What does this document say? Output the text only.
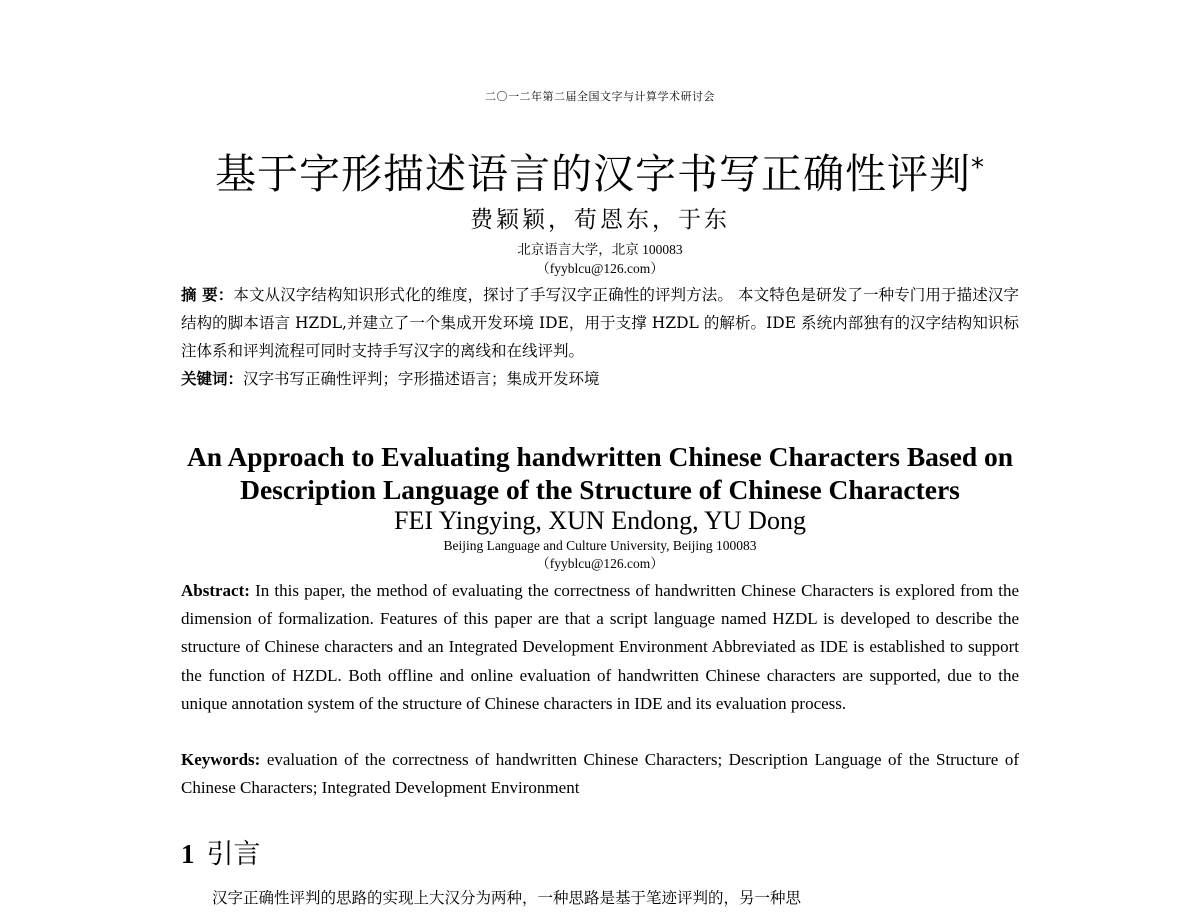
二〇一二年第二届全国文字与计算学术研讨会
基于字形描述语言的汉字书写正确性评判*
费颖颖，荀恩东，于东
北京语言大学，北京 100083
（fyyblcu@126.com）
摘 要：本文从汉字结构知识形式化的维度，探讨了手写汉字正确性的评判方法。 本文特色是研发了一种专门用于描述汉字结构的脚本语言 HZDL,并建立了一个集成开发环境 IDE，用于支撑 HZDL 的解析。IDE 系统内部独有的汉字结构知识标注体系和评判流程可同时支持手写汉字的离线和在线评判。
关键词：汉字书写正确性评判；字形描述语言；集成开发环境
An Approach to Evaluating handwritten Chinese Characters Based on Description Language of the Structure of Chinese Characters
FEI Yingying, XUN Endong, YU Dong
Beijing Language and Culture University, Beijing 100083
（fyyblcu@126.com）
Abstract: In this paper, the method of evaluating the correctness of handwritten Chinese Characters is explored from the dimension of formalization. Features of this paper are that a script language named HZDL is developed to describe the structure of Chinese characters and an Integrated Development Environment Abbreviated as IDE is established to support the function of HZDL. Both offline and online evaluation of handwritten Chinese characters are supported, due to the unique annotation system of the structure of Chinese characters in IDE and its evaluation process.
Keywords: evaluation of the correctness of handwritten Chinese Characters; Description Language of the Structure of Chinese Characters; Integrated Development Environment
1 引言
汉字正确性评判的思路的实现上大汉分为两种，一种思路是基于笔迹评判的，另一种思
